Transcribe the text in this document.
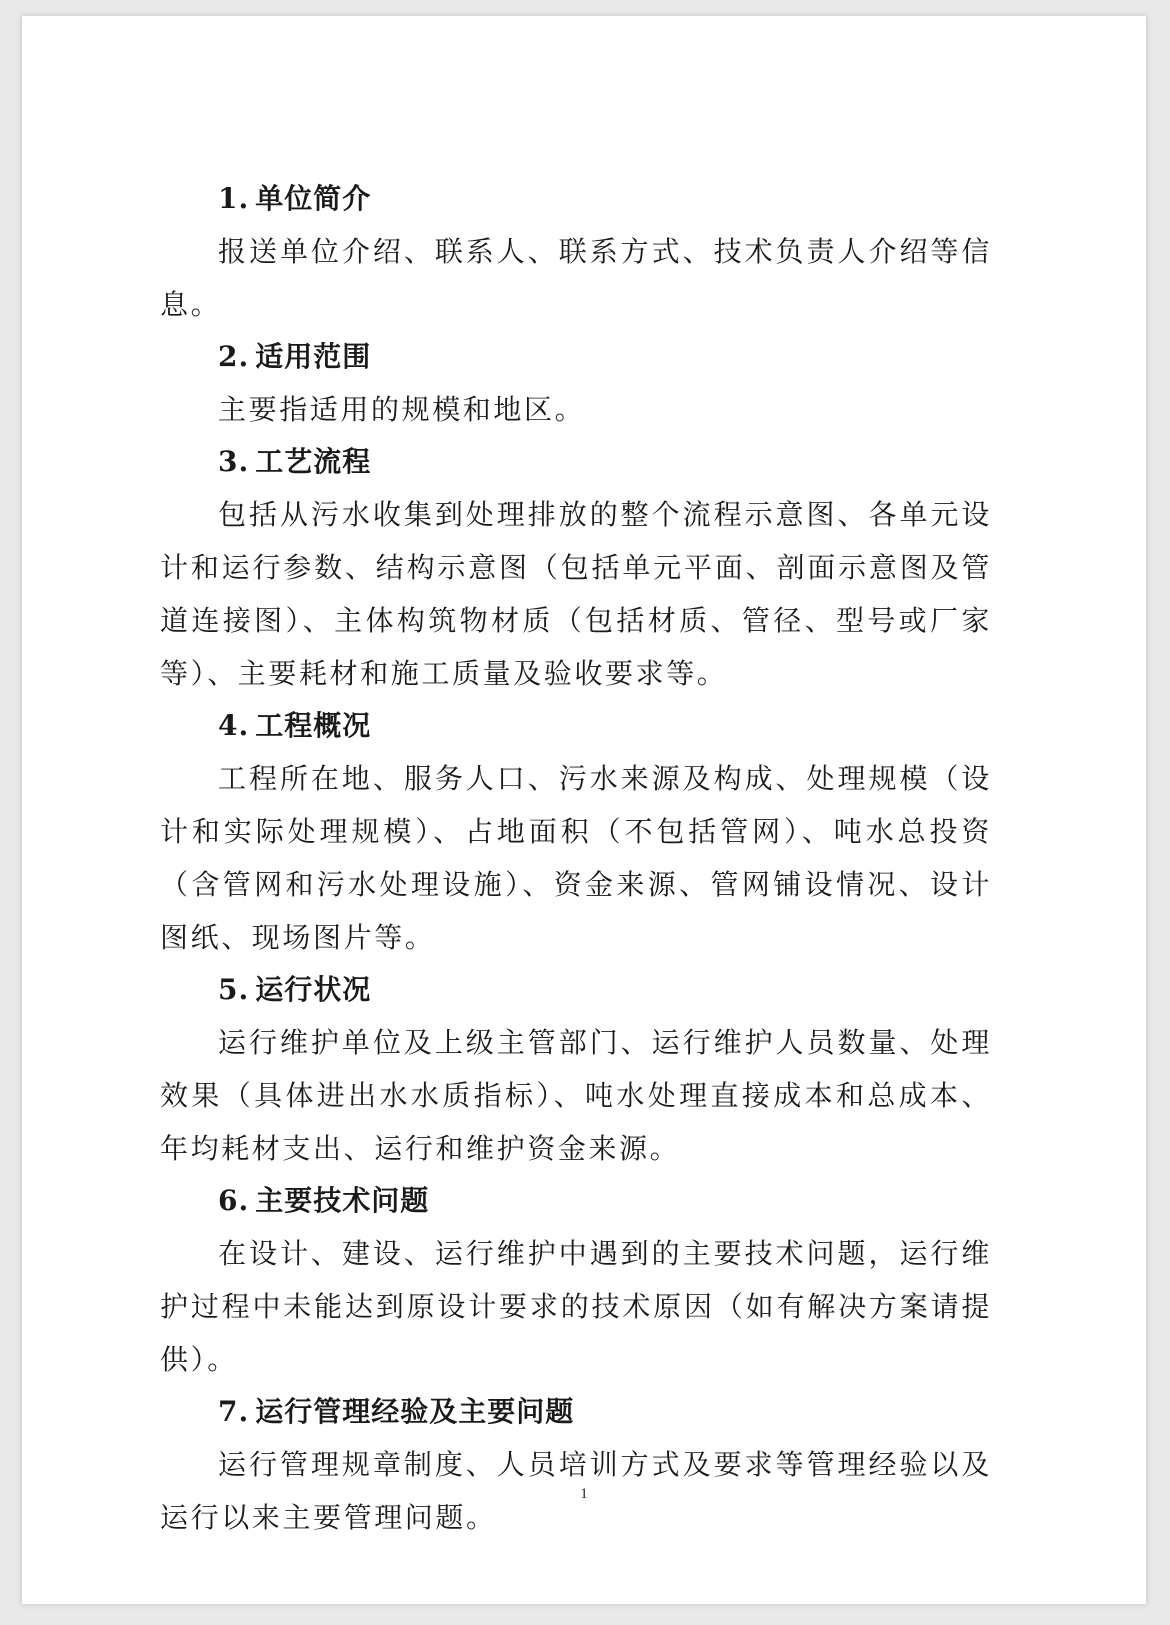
1. 单位简介

报送单位介绍、联系人、联系方式、技术负责人介绍等信息。

2. 适用范围

主要指适用的规模和地区。

3. 工艺流程

包括从污水收集到处理排放的整个流程示意图、各单元设计和运行参数、结构示意图（包括单元平面、剖面示意图及管道连接图）、主体构筑物材质（包括材质、管径、型号或厂家等）、主要耗材和施工质量及验收要求等。

4. 工程概况

工程所在地、服务人口、污水来源及构成、处理规模（设计和实际处理规模）、占地面积（不包括管网）、吨水总投资（含管网和污水处理设施）、资金来源、管网铺设情况、设计图纸、现场图片等。

5. 运行状况

运行维护单位及上级主管部门、运行维护人员数量、处理效果（具体进出水水质指标）、吨水处理直接成本和总成本、年均耗材支出、运行和维护资金来源。

6. 主要技术问题

在设计、建设、运行维护中遇到的主要技术问题，运行维护过程中未能达到原设计要求的技术原因（如有解决方案请提供）。

7. 运行管理经验及主要问题

运行管理规章制度、人员培训方式及要求等管理经验以及运行以来主要管理问题。

1
